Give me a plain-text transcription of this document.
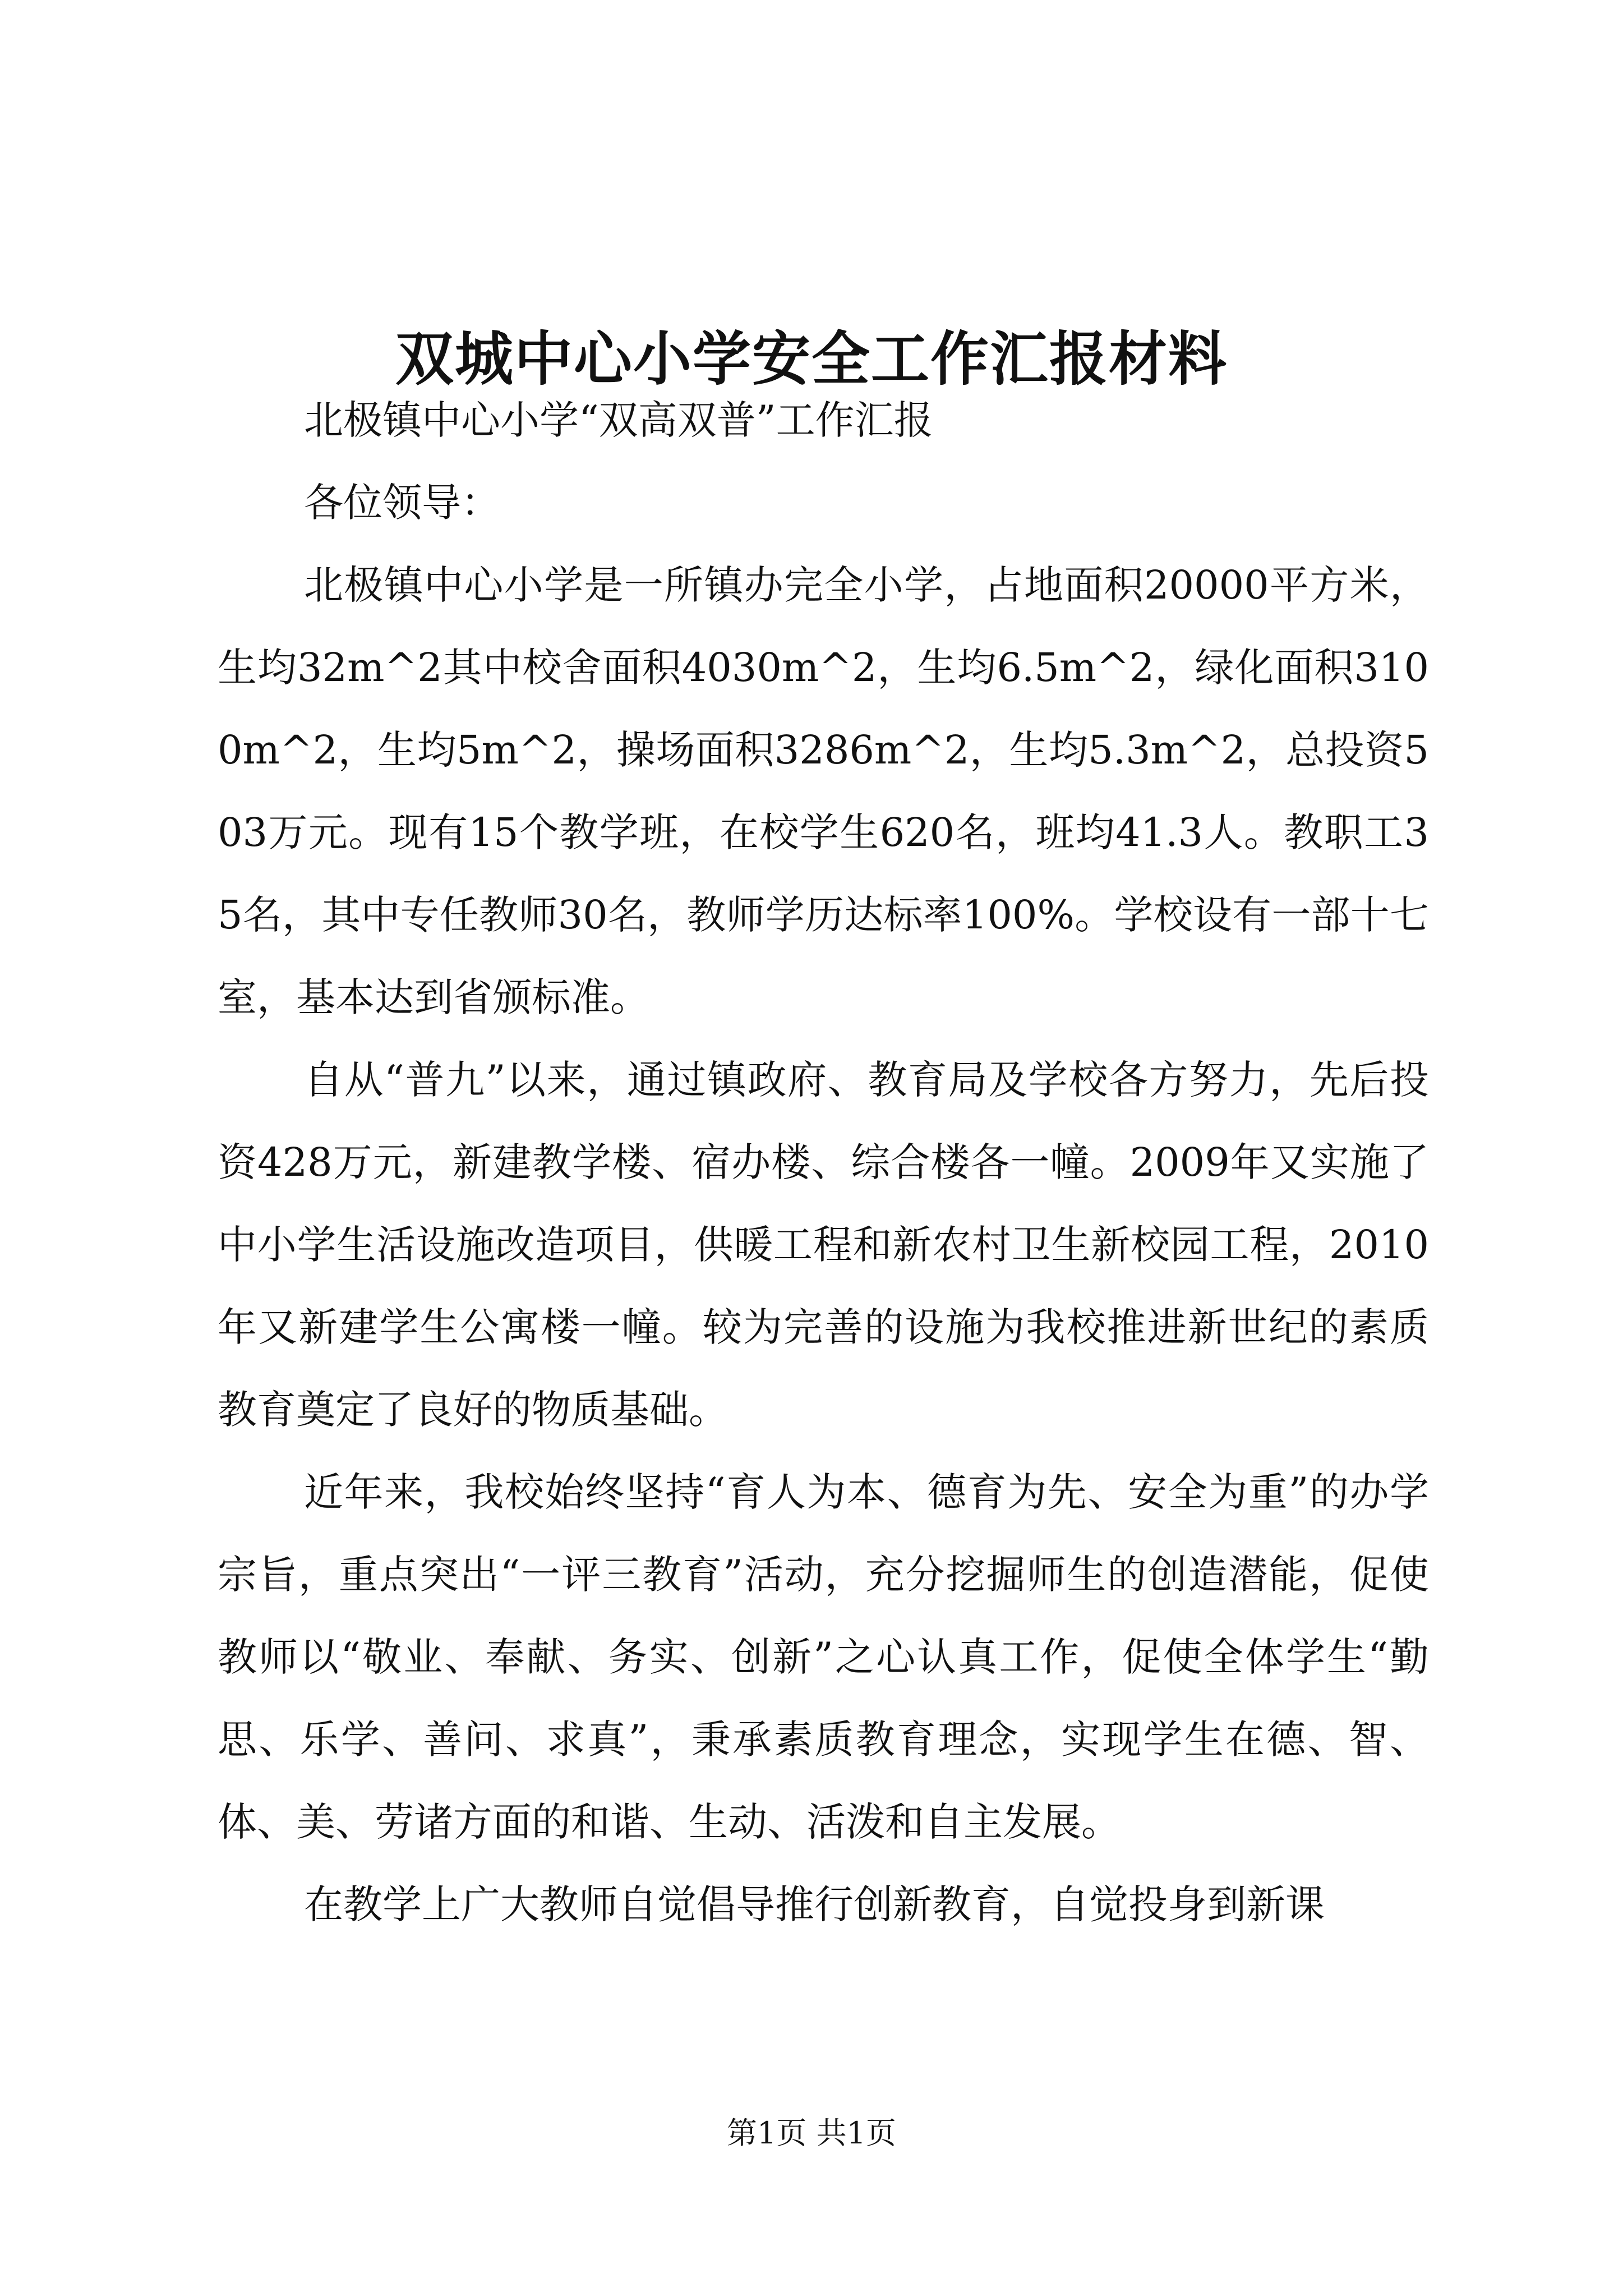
双城中心小学安全工作汇报材料

北极镇中心小学“双高双普”工作汇报

各位领导：

北极镇中心小学是一所镇办完全小学，占地面积20000平方米，生均32m^2其中校舍面积4030m^2，生均6.5m^2，绿化面积3100m^2，生均5m^2，操场面积3286m^2，生均5.3m^2，总投资503万元。现有15个教学班，在校学生620名，班均41.3人。教职工35名，其中专任教师30名，教师学历达标率100%。学校设有一部十七室，基本达到省颁标准。

自从“普九”以来，通过镇政府、教育局及学校各方努力，先后投资428万元，新建教学楼、宿办楼、综合楼各一幢。2009年又实施了中小学生活设施改造项目，供暖工程和新农村卫生新校园工程，2010年又新建学生公寓楼一幢。较为完善的设施为我校推进新世纪的素质教育奠定了良好的物质基础。

近年来，我校始终坚持“育人为本、德育为先、安全为重”的办学宗旨，重点突出“一评三教育”活动，充分挖掘师生的创造潜能，促使教师以“敬业、奉献、务实、创新”之心认真工作，促使全体学生“勤思、乐学、善问、求真”，秉承素质教育理念，实现学生在德、智、体、美、劳诸方面的和谐、生动、活泼和自主发展。

在教学上广大教师自觉倡导推行创新教育，自觉投身到新课

第1页 共1页
